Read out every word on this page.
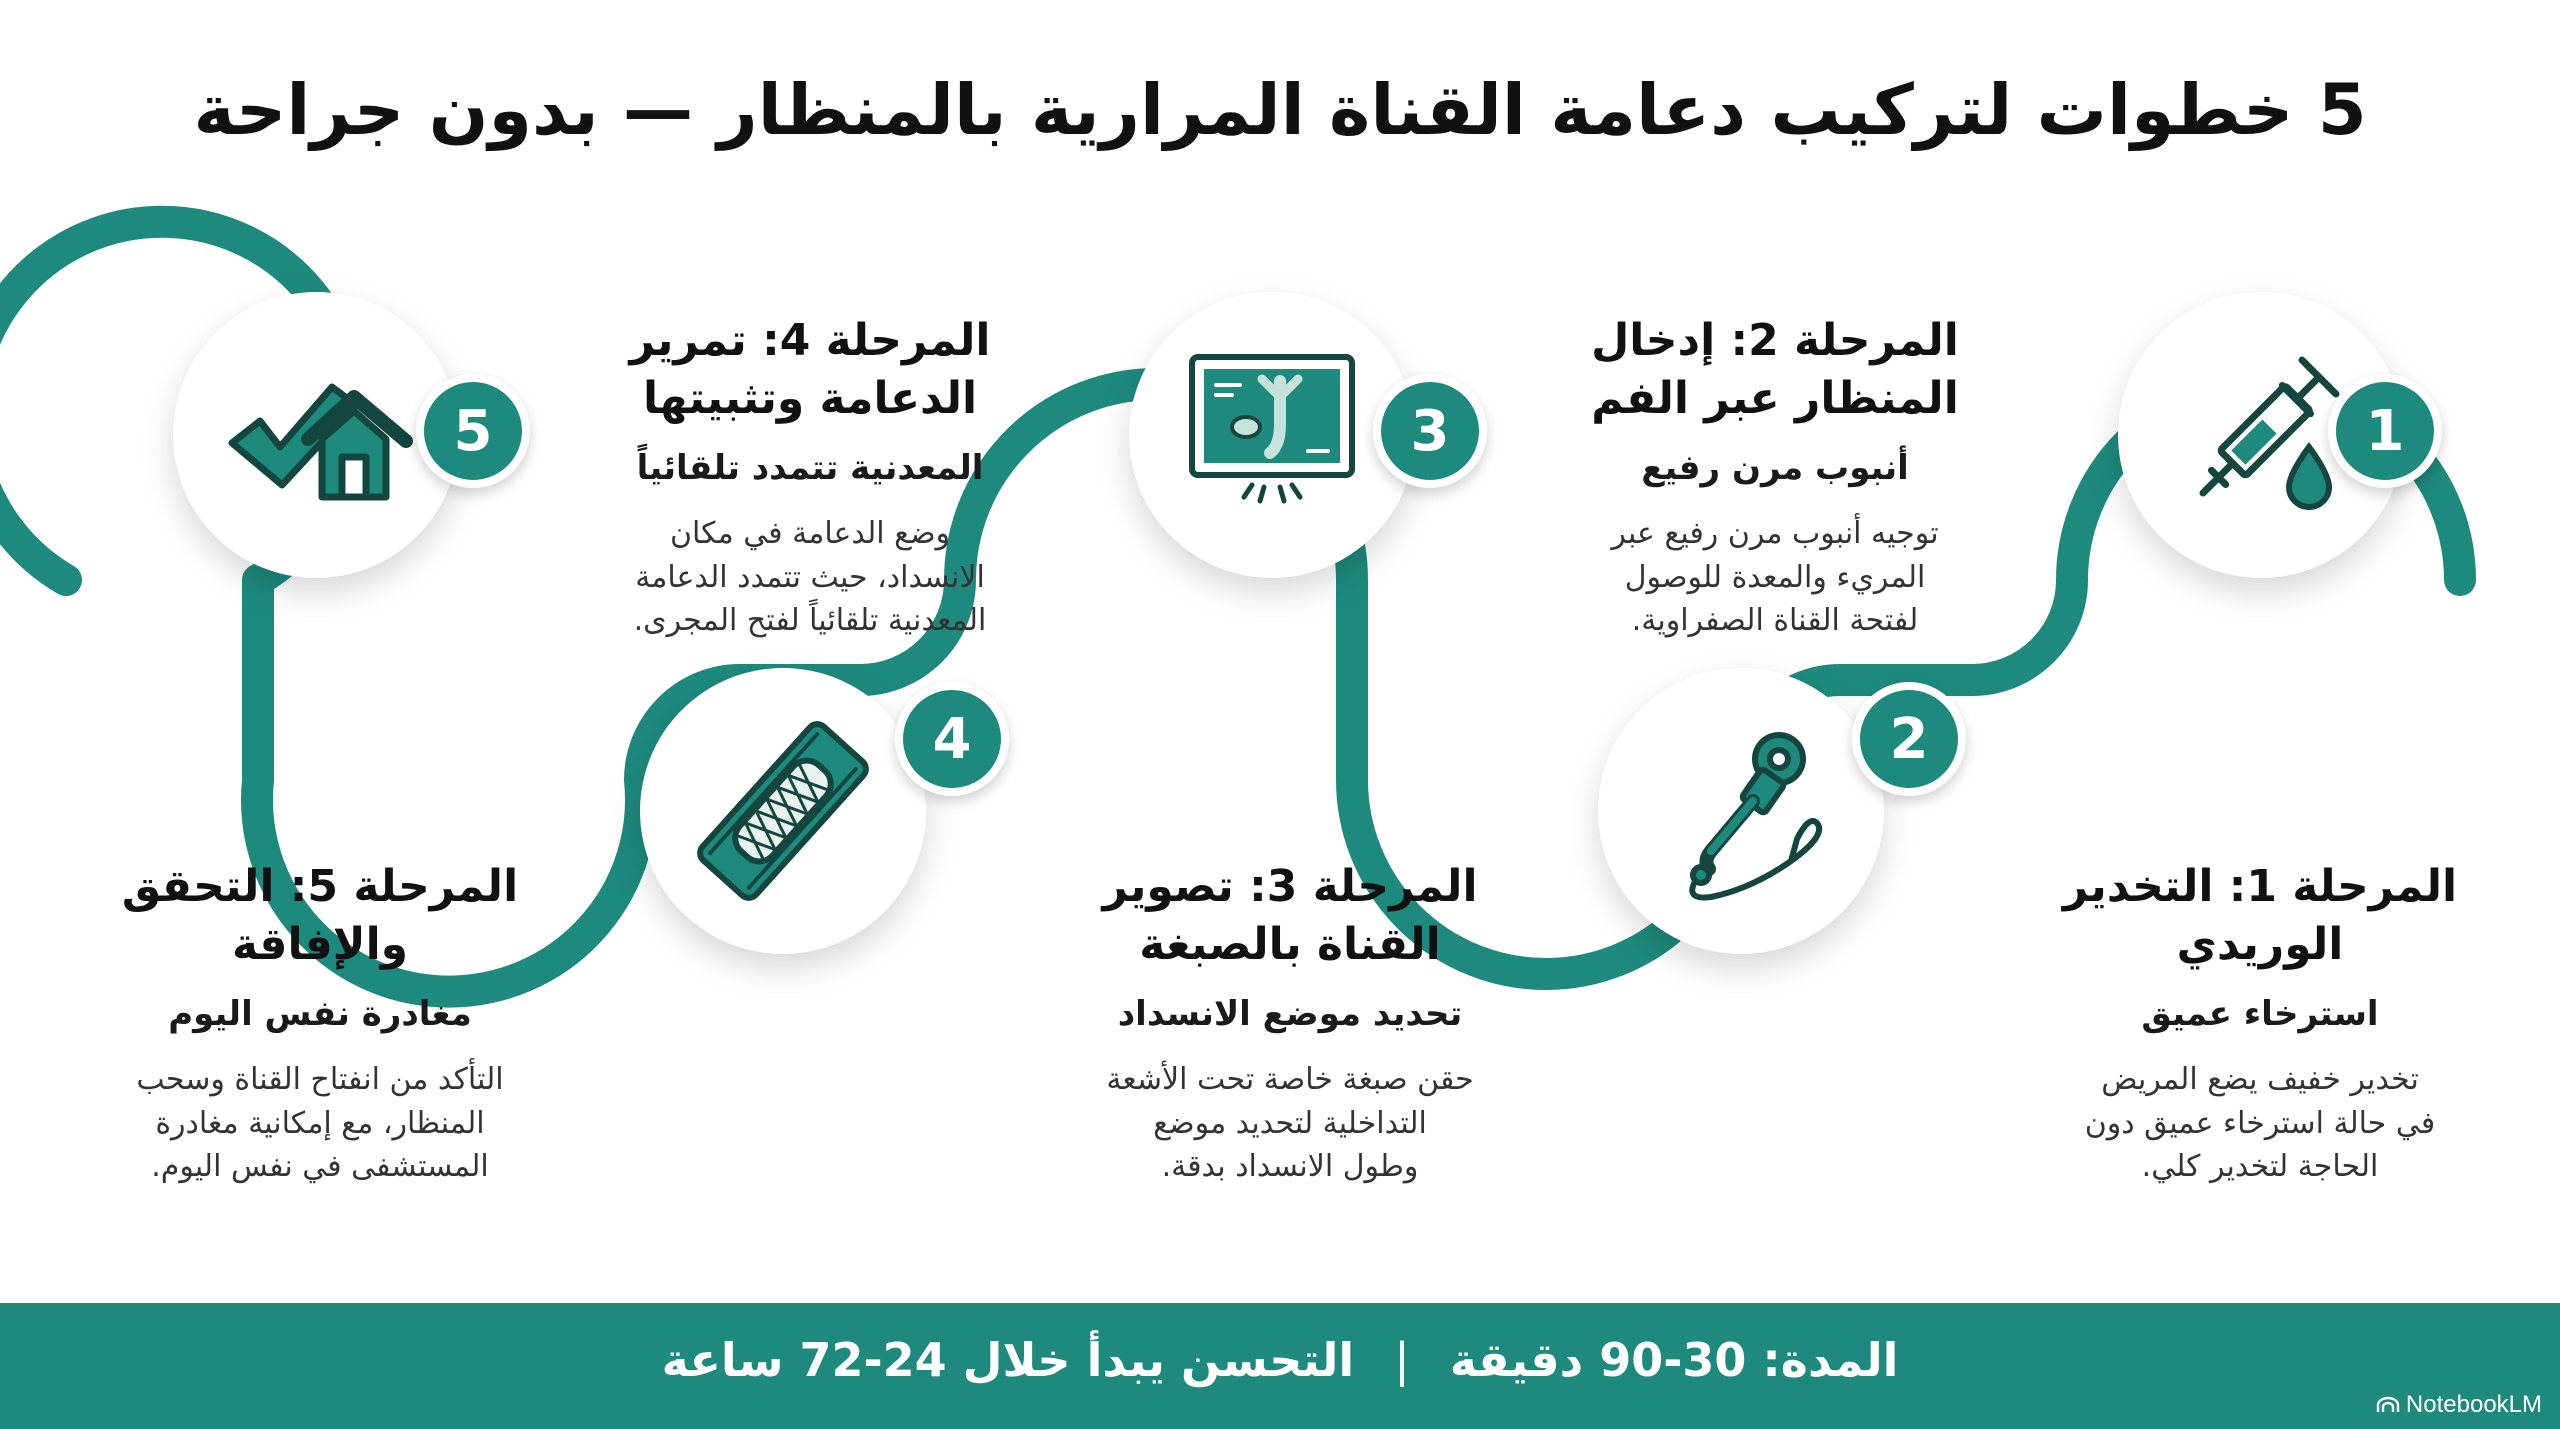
5 خطوات لتركيب دعامة القناة المرارية بالمنظار — بدون جراحة
1
2
3
4
5

المرحلة 1: التخدير
الوريدي

استرخاء عميق

تخدير خفيف يضع المريض
في حالة استرخاء عميق دون
الحاجة لتخدير كلي.

المرحلة 2: إدخال
المنظار عبر الفم

أنبوب مرن رفيع

توجيه أنبوب مرن رفيع عبر
المريء والمعدة للوصول
لفتحة القناة الصفراوية.

المرحلة 3: تصوير
القناة بالصبغة

تحديد موضع الانسداد

حقن صبغة خاصة تحت الأشعة
التداخلية لتحديد موضع
وطول الانسداد بدقة.

المرحلة 4: تمرير
الدعامة وتثبيتها

المعدنية تتمدد تلقائياً

وضع الدعامة في مكان
الانسداد، حيث تتمدد الدعامة
المعدنية تلقائياً لفتح المجرى.

المرحلة 5: التحقق
والإفاقة

مغادرة نفس اليوم

التأكد من انفتاح القناة وسحب
المنظار، مع إمكانية مغادرة
المستشفى في نفس اليوم.

المدة: 30-90 دقيقة | التحسن يبدأ خلال 24-72 ساعة
NotebookLM
